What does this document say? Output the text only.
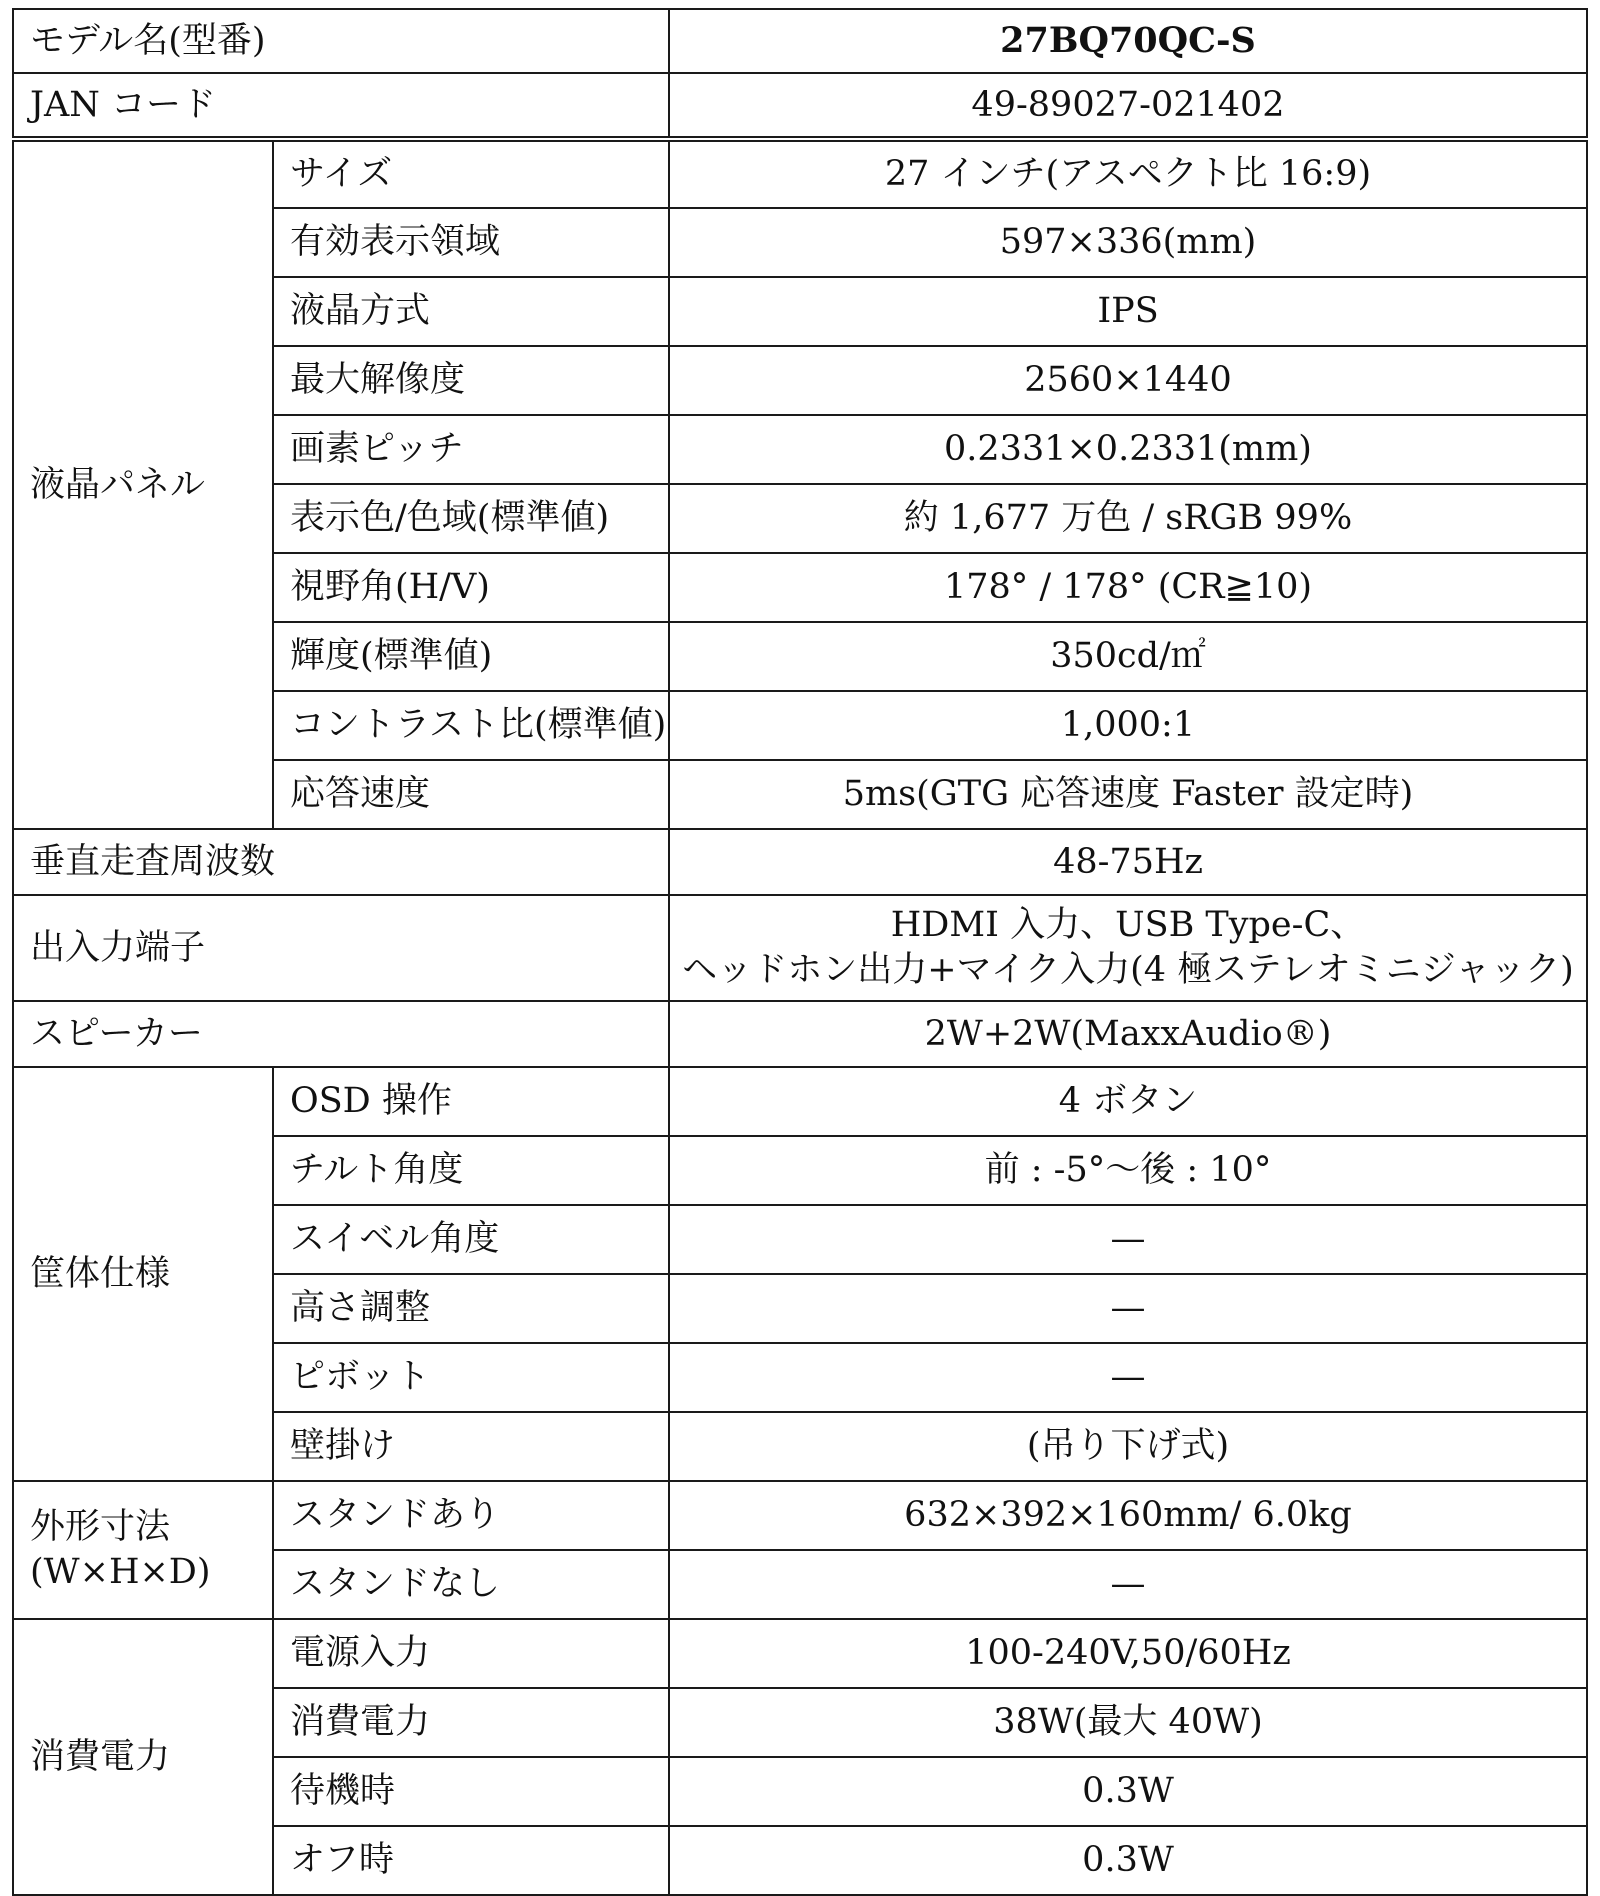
モデル名(型番)		27BQ70QC-S
JAN コード		49-89027-021402
液晶パネル	サイズ	27 インチ(アスペクト比 16:9)
	有効表示領域	597×336(mm)
	液晶方式	IPS
	最大解像度	2560×1440
	画素ピッチ	0.2331×0.2331(mm)
	表示色/色域(標準値)	約 1,677 万色 / sRGB 99%
	視野角(H/V)	178° / 178° (CR≧10)
	輝度(標準値)	350cd/㎡
	コントラスト比(標準値)	1,000:1
	応答速度	5ms(GTG 応答速度 Faster 設定時)
垂直走査周波数		48-75Hz
出入力端子		HDMI 入力、USB Type-C、
ヘッドホン出力+マイク入力(4 極ステレオミニジャック)

スピーカー		2W+2W(MaxxAudio®)
筐体仕様	OSD 操作	4 ボタン
	チルト角度	前 : -5°～後 : 10°
	スイベル角度	—
	高さ調整	—
	ピボット	—
	壁掛け	(吊り下げ式)

外形寸法
(W×H×D)	スタンドあり	632×392×160mm/ 6.0kg
	スタンドなし	—
消費電力	電源入力	100-240V,50/60Hz
	消費電力	38W(最大 40W)
	待機時	0.3W
	オフ時	0.3W
